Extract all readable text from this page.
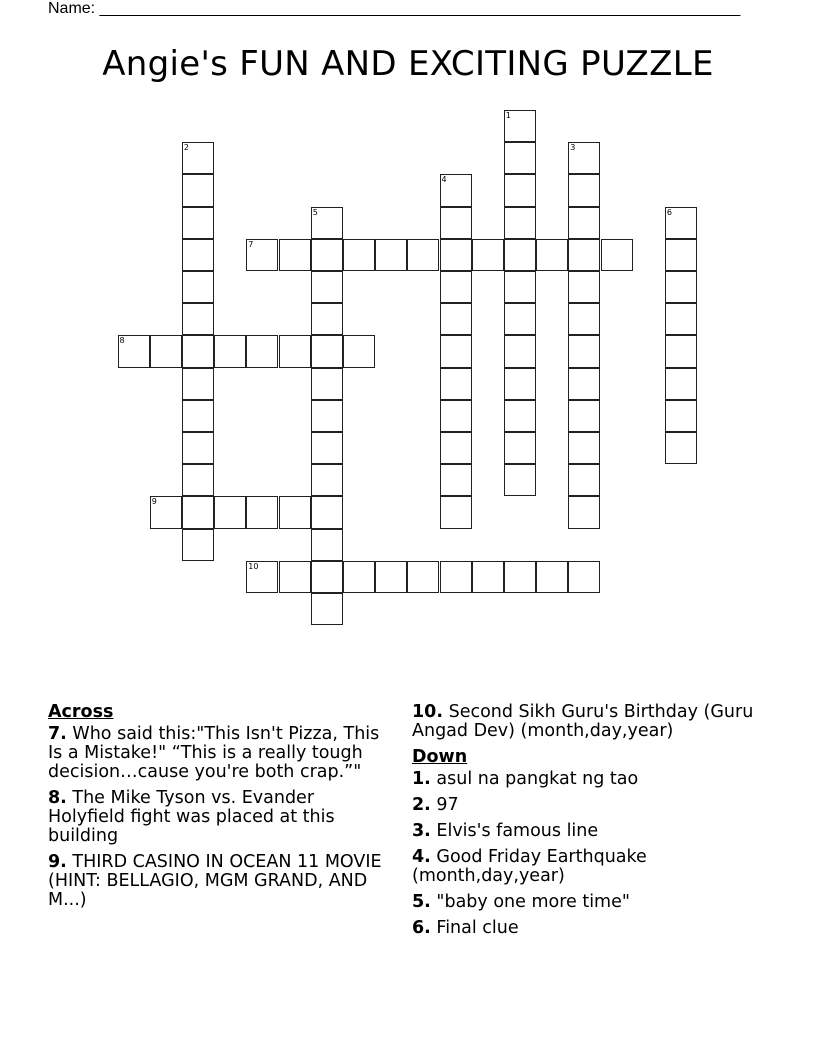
Name: ________________________________________________________________________
Angie's FUN AND EXCITING PUZZLE
1
2	3
4
5	6
7
8
9
10
Across
7. Who said this:"This Isn't Pizza, This Is a Mistake!" “This is a really tough decision…cause you're both crap.”"
8. The Mike Tyson vs. Evander Holyfield fight was placed at this building
9. THIRD CASINO IN OCEAN 11 MOVIE (HINT: BELLAGIO, MGM GRAND, AND M...)
10. Second Sikh Guru's Birthday (Guru Angad Dev) (month,day,year)
Down
1. asul na pangkat ng tao
2. 97
3. Elvis's famous line
4. Good Friday Earthquake (month,day,year)
5. "baby one more time"
6. Final clue
